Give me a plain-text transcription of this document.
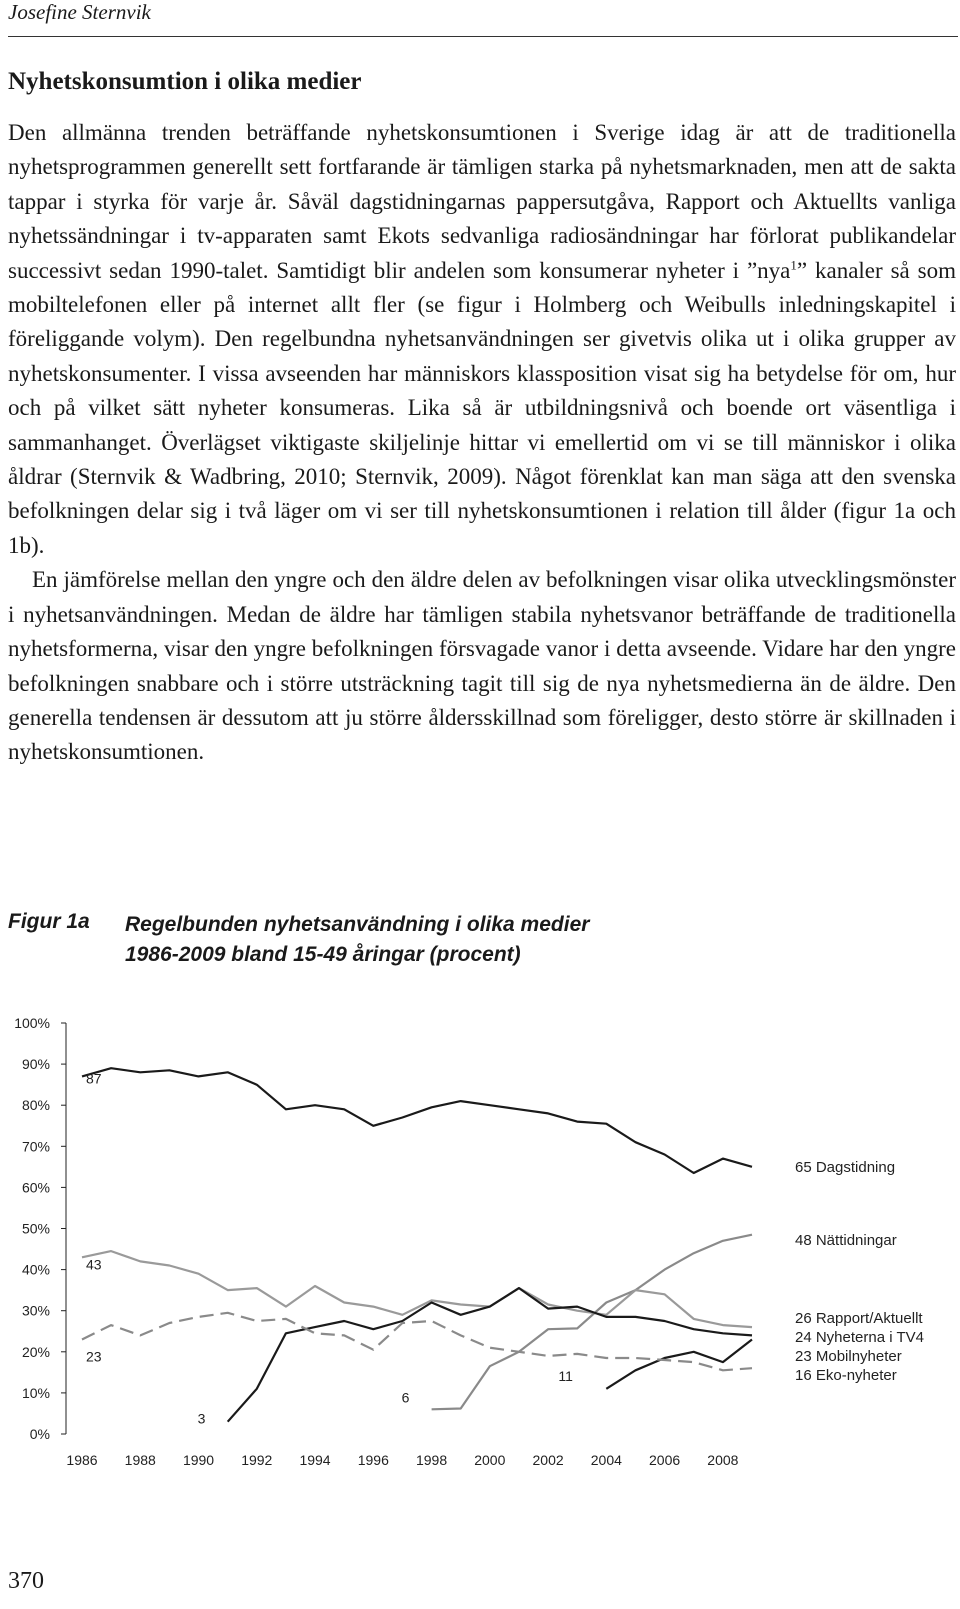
Josefine Sternvik
Nyhetskonsumtion i olika medier

Den allmänna trenden beträffande nyhetskonsumtionen i Sverige idag är att de traditionella nyhetsprogrammen generellt sett fortfarande är tämligen starka på nyhetsmarknaden, men att de sakta tappar i styrka för varje år. Såväl dagstidningarnas pappersutgåva, Rapport och Aktuellts vanliga nyhetssändningar i tv-apparaten samt Ekots sedvanliga radiosändningar har förlorat publikandelar successivt sedan 1990-talet. Samtidigt blir andelen som konsumerar nyheter i ”nya$^1$” kanaler så som mobiltelefonen eller på internet allt fler (se figur i Holmberg och Weibulls inledningskapitel i föreliggande volym). Den regelbundna nyhetsanvändningen ser givetvis olika ut i olika grupper av nyhetskonsumenter. I vissa avseenden har människors klassposition visat sig ha betydelse för om, hur och på vilket sätt nyheter konsumeras. Lika så är utbildningsnivå och boende ort väsentliga i sammanhanget. Överlägset viktigaste skiljelinje hittar vi emellertid om vi se till människor i olika åldrar (Sternvik & Wadbring, 2010; Sternvik, 2009). Något förenklat kan man säga att den svenska befolkningen delar sig i två läger om vi ser till nyhetskonsumtionen i relation till ålder (figur 1a och 1b).

En jämförelse mellan den yngre och den äldre delen av befolkningen visar olika utvecklingsmönster i nyhetsanvändningen. Medan de äldre har tämligen stabila nyhetsvanor beträffande de traditionella nyhetsformerna, visar den yngre befolkningen försvagade vanor i detta avseende. Vidare har den yngre befolkningen snabbare och i större utsträckning tagit till sig de nya nyhetsmedierna än de äldre. Den generella tendensen är dessutom att ju större åldersskillnad som föreligger, desto större är skillnaden i nyhetskonsumtionen.

Figur 1a Regelbunden nyhetsanvändning i olika medier
1986-2009 bland 15-49 åringar (procent)
0%
10%
20%
30%
40%
50%
60%
70%
80%
90%
100%
1986 1988 1990 1992 1994 1996 1998 2000 2002 2004 2006 2008
87
65 Dagstidning
6
48 Nättidningar
43
26 Rapport/Aktuellt
3
24 Nyheterna i TV4
11
23 Mobilnyheter
23
16 Eko-nyheter
370
